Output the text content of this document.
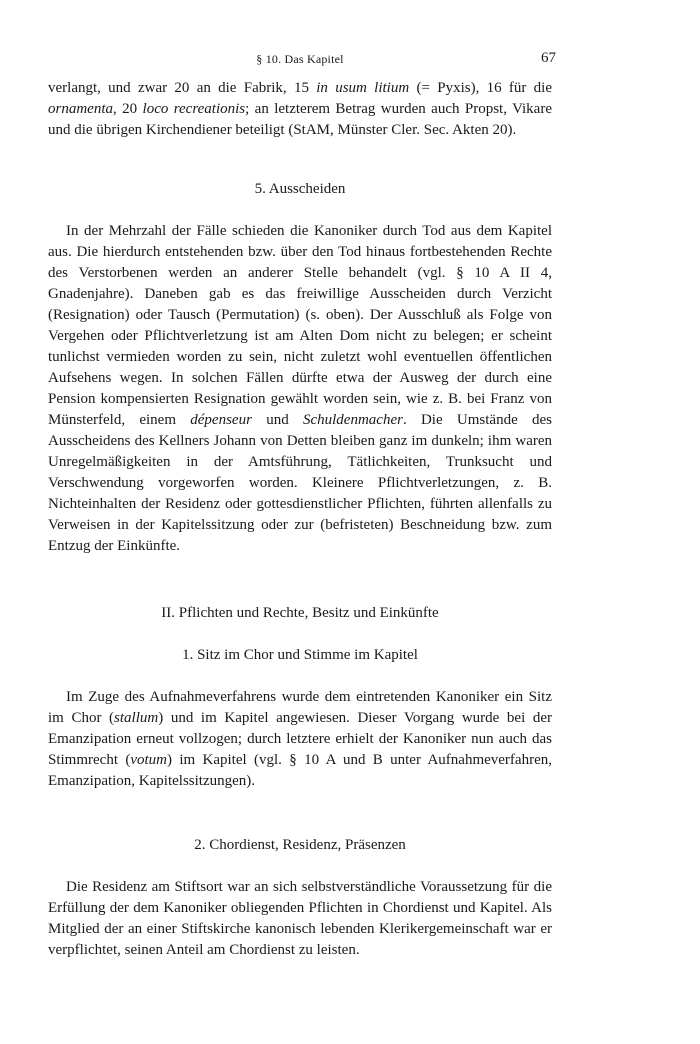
§ 10. Das Kapitel	67

verlangt, und zwar 20 an die Fabrik, 15 in usum litium (= Pyxis), 16 für die ornamenta, 20 loco recreationis; an letzterem Betrag wurden auch Propst, Vikare und die übrigen Kirchendiener beteiligt (StAM, Münster Cler. Sec. Akten 20).

5. Ausscheiden

In der Mehrzahl der Fälle schieden die Kanoniker durch Tod aus dem Kapitel aus. Die hierdurch entstehenden bzw. über den Tod hinaus fortbestehenden Rechte des Verstorbenen werden an anderer Stelle behandelt (vgl. § 10 A II 4, Gnadenjahre). Daneben gab es das freiwillige Ausscheiden durch Verzicht (Resignation) oder Tausch (Permutation) (s. oben). Der Ausschluß als Folge von Vergehen oder Pflichtverletzung ist am Alten Dom nicht zu belegen; er scheint tunlichst vermieden worden zu sein, nicht zuletzt wohl eventuellen öffentlichen Aufsehens wegen. In solchen Fällen dürfte etwa der Ausweg der durch eine Pension kompensierten Resignation gewählt worden sein, wie z. B. bei Franz von Münsterfeld, einem dépenseur und Schuldenmacher. Die Umstände des Ausscheidens des Kellners Johann von Detten bleiben ganz im dunkeln; ihm waren Unregelmäßigkeiten in der Amtsführung, Tätlichkeiten, Trunksucht und Verschwendung vorgeworfen worden. Kleinere Pflichtverletzungen, z. B. Nichteinhalten der Residenz oder gottesdienstlicher Pflichten, führten allenfalls zu Verweisen in der Kapitelssitzung oder zur (befristeten) Beschneidung bzw. zum Entzug der Einkünfte.

II. Pflichten und Rechte, Besitz und Einkünfte

1. Sitz im Chor und Stimme im Kapitel

Im Zuge des Aufnahmeverfahrens wurde dem eintretenden Kanoniker ein Sitz im Chor (stallum) und im Kapitel angewiesen. Dieser Vorgang wurde bei der Emanzipation erneut vollzogen; durch letztere erhielt der Kanoniker nun auch das Stimmrecht (votum) im Kapitel (vgl. § 10 A und B unter Aufnahmeverfahren, Emanzipation, Kapitelssitzungen).

2. Chordienst, Residenz, Präsenzen

Die Residenz am Stiftsort war an sich selbstverständliche Voraussetzung für die Erfüllung der dem Kanoniker obliegenden Pflichten in Chordienst und Kapitel. Als Mitglied der an einer Stiftskirche kanonisch lebenden Klerikergemeinschaft war er verpflichtet, seinen Anteil am Chordienst zu leisten.
